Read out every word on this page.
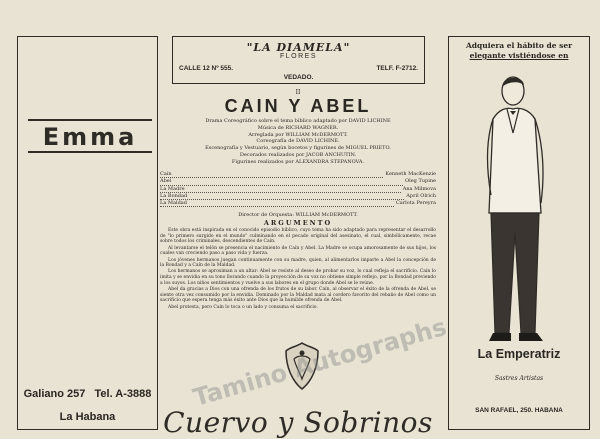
Emma
Galiano 257 Tel. A-3888
La Habana
"LA DIAMELA"
FLORES
CALLE 12 Nº 555.	TELF. F-2712.
VEDADO.
II
CAIN Y ABEL
Drama Coreográfico sobre el tema bíblico adaptado por DAVID LICHINE
Música de RICHARD WAGNER.
Arreglada por WILLIAM McDERMOTT.
Coreografía de DAVID LICHINE.
Escenografía y Vestuario, según bocetos y figurines de MIGUEL PRIETO.
Decorados realizados por JACOB ANCHUTIN.
Figurines realizados por ALEXANDRA STEPANOVA.
Caín	Kenneth MacKenzie
Abel	Oleg Tupine
La Madre	Ana Milmova
La Bondad	April Olrich
La Maldad	Carlota Pereyra
Director de Orquesta: WILLIAM McDERMOTT.
ARGUMENTO

Este obra está inspirada en el conocido episodio bíblico, cuyo tema ha sido adaptado para representar el desarrollo de "lo primero surgido en el mundo" culminando en el pecado original del asesinato, el cual, simbólicamente, recae sobre todos los criminales, descendientes de Caín.

Al levantarse el telón se presencia el nacimiento de Caín y Abel. La Madre se ocupa amorosamente de sus hijos, los cuales van creciendo paso a paso vida y fuerza.

Los jóvenes hermanos juegan continuamente con su madre, quien, al alimentarlos imparte a Abel la concepción de la Bondad y a Caín de la Maldad.

Los hermanos se aproximan a un altar: Abel se resiste al deseo de probar su voz, lo cual refleja el sacrificio. Caín lo imita y se envidia en su tono llorando cuando la proyección de su voz no obtiene simple reflejo, por la Bondad previendo a los suyos. Los niños sentimientos y vuelve a sus labores en el grupo donde Abel se le reúne.

Abel da gracias a Dios con una ofrenda de los frutos de su labor. Caín, al observar el éxito de la ofrenda de Abel, se siente otra vez consumido por la envidia. Dominado por la Maldad mata al cordero favorito del rebaño de Abel como un sacrificio que espera tenga más éxito ante Dios que la humilde ofrenda de Abel.

Abel protesta, pero Caín lo toca o un lado y consuma el sacrificio.

Cuervo y Sobrinos
Adquiera el hábito de ser
elegante vistiéndose en
La Emperatriz
Sastres Artistas
SAN RAFAEL, 250. HABANA
Tamino Autographs
